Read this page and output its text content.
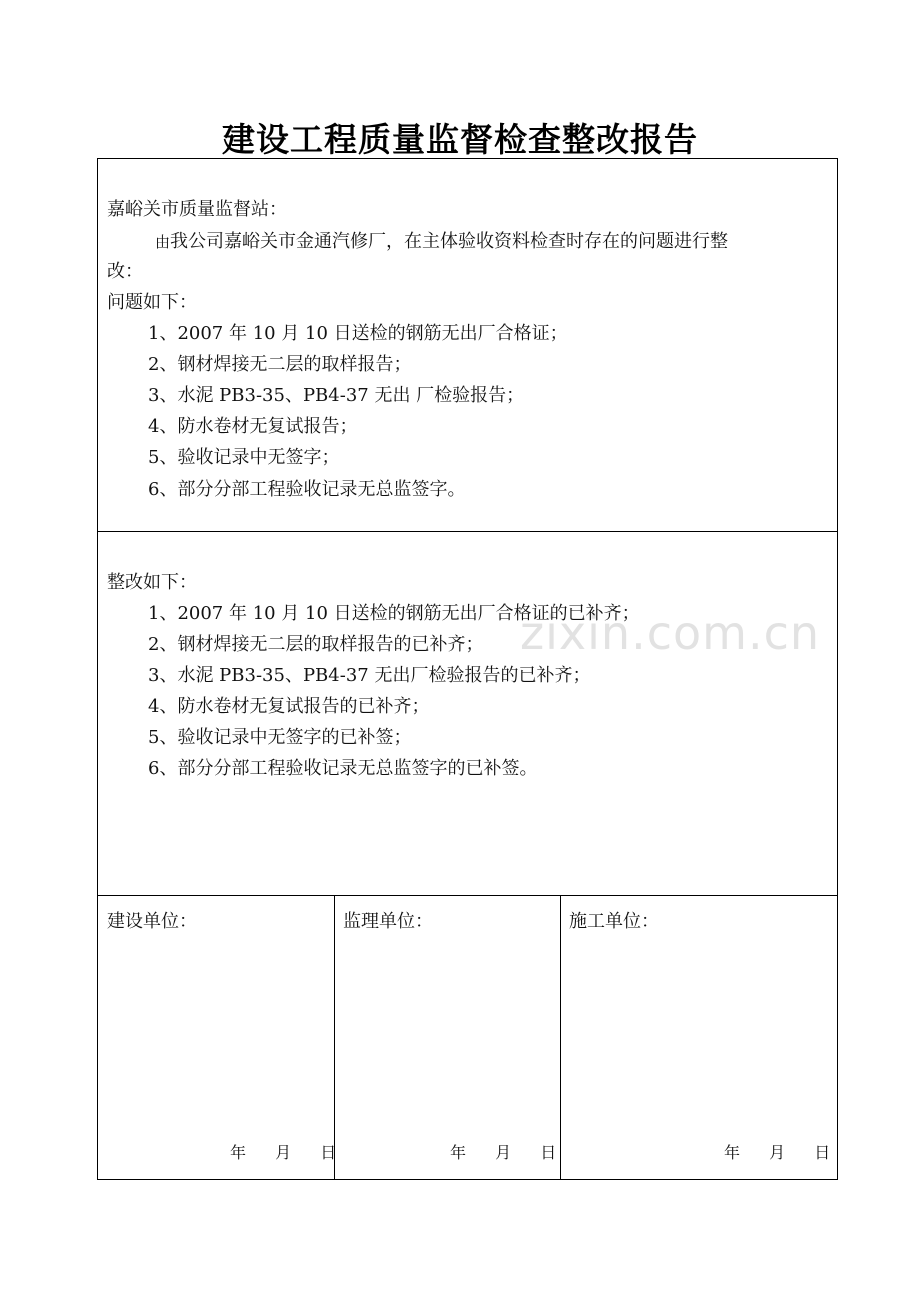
建设工程质量监督检查整改报告
zixin.com.cn
嘉峪关市质量监督站：
由我公司嘉峪关市金通汽修厂，在主体验收资料检查时存在的问题进行整
改：
问题如下：
1、2007 年 10 月 10 日送检的钢筋无出厂合格证；
2、钢材焊接无二层的取样报告；
3、水泥 PB3-35、PB4-37 无出 厂检验报告；
4、防水卷材无复试报告；
5、验收记录中无签字；
6、部分分部工程验收记录无总监签字。
整改如下：
1、2007 年 10 月 10 日送检的钢筋无出厂合格证的已补齐；
2、钢材焊接无二层的取样报告的已补齐；
3、水泥 PB3-35、PB4-37 无出厂检验报告的已补齐；
4、防水卷材无复试报告的已补齐；
5、验收记录中无签字的已补签；
6、部分分部工程验收记录无总监签字的已补签。
建设单位：	监理单位：	施工单位：
年 月 日	年 月 日	年 月 日
